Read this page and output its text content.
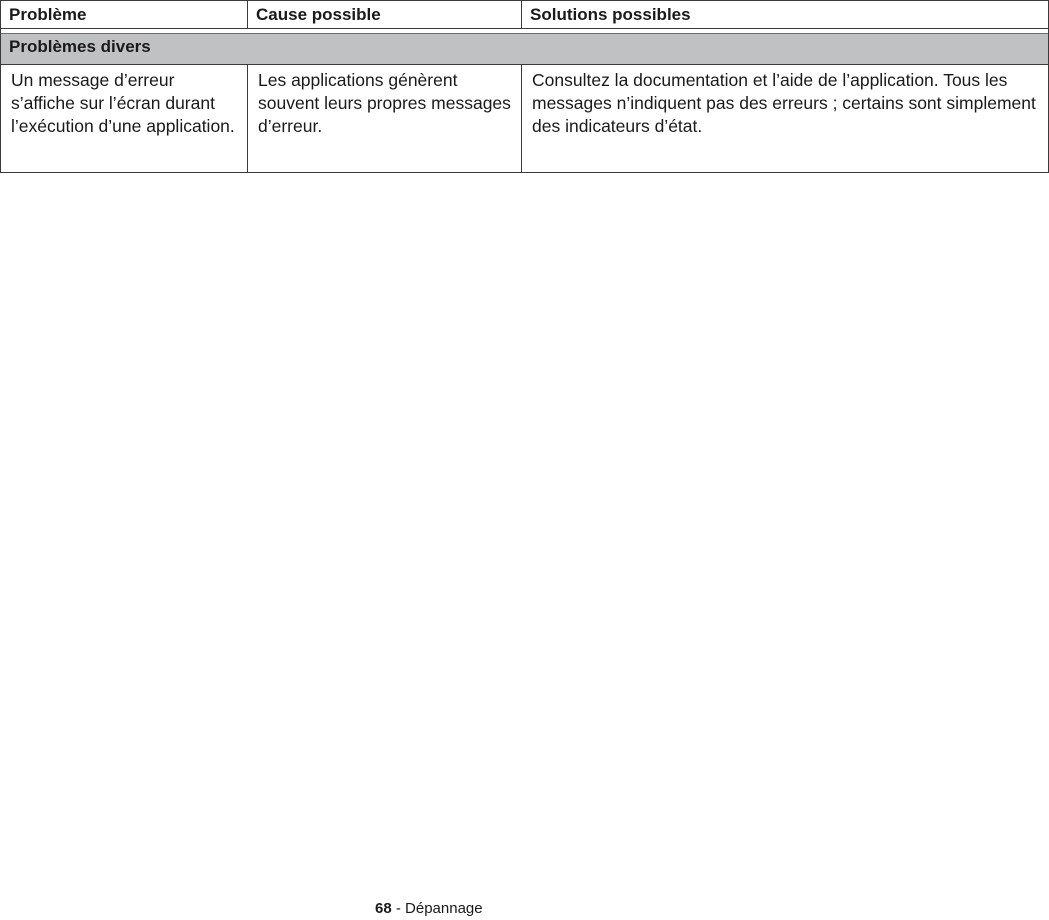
Problème	Cause possible	Solutions possibles

Problèmes divers		
Un message d’erreur s’affiche sur l’écran durant l’exécution d’une application.	Les applications génèrent souvent leurs propres messages d’erreur.	Consultez la documentation et l’aide de l’application. Tous les messages n’indiquent pas des erreurs ; certains sont simplement des indicateurs d’état.
68 - Dépannage
